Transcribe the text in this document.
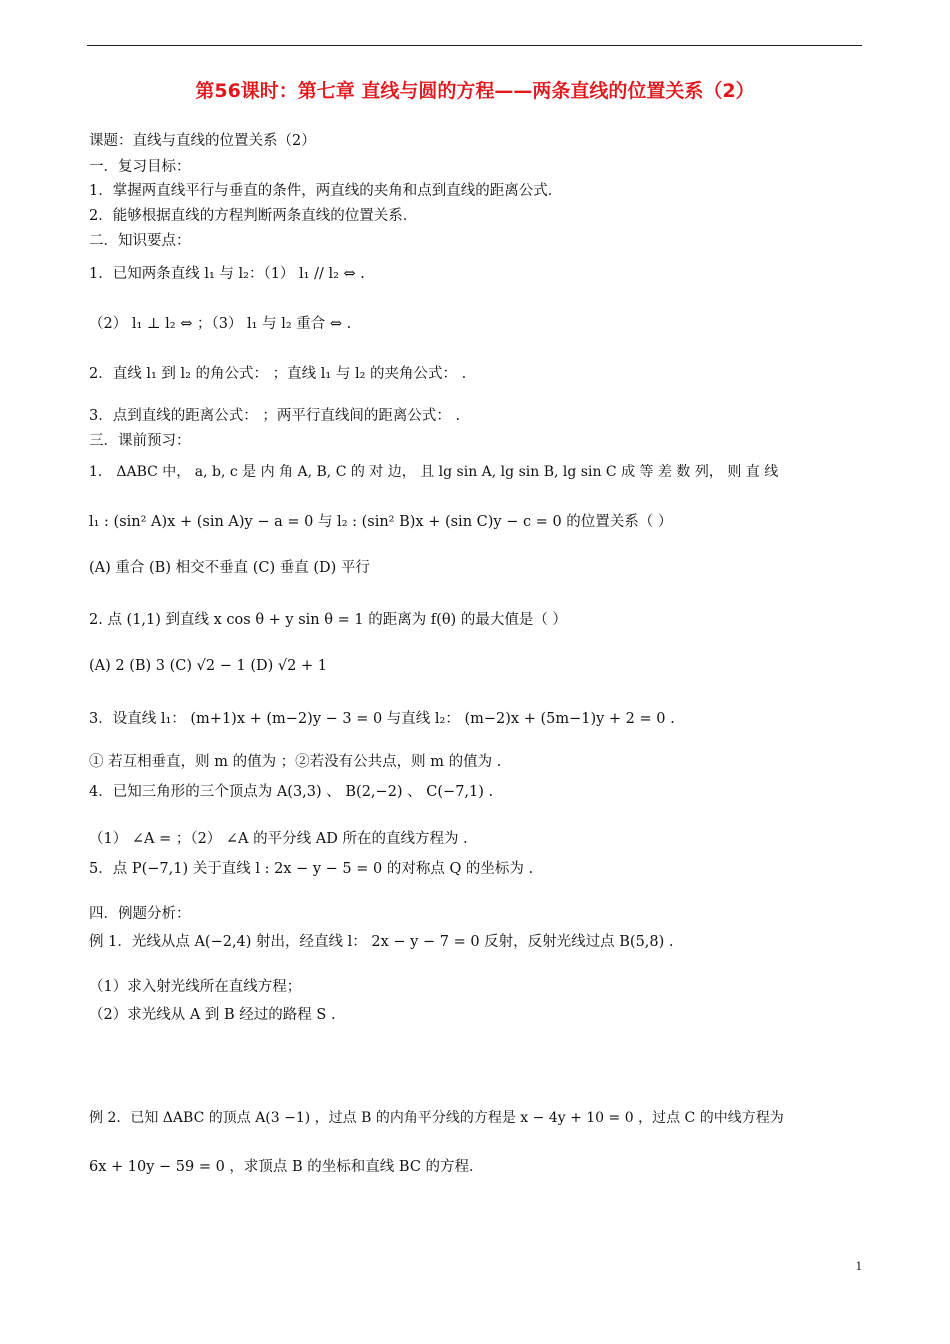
第56课时：第七章 直线与圆的方程——两条直线的位置关系（2）
课题：直线与直线的位置关系（2）
一．复习目标：
1．掌握两直线平行与垂直的条件，两直线的夹角和点到直线的距离公式．
2．能够根据直线的方程判断两条直线的位置关系．
二．知识要点：
1．已知两条直线 l₁ 与 l₂：（1） l₁ // l₂ ⇔ .
（2） l₁ ⊥ l₂ ⇔ ；（3） l₁ 与 l₂ 重合 ⇔ .
2．直线 l₁ 到 l₂ 的角公式： ；直线 l₁ 与 l₂ 的夹角公式： .
3．点到直线的距离公式： ；两平行直线间的距离公式： .
三．课前预习：
1． ΔABC 中， a, b, c 是 内 角 A, B, C 的 对 边， 且 lg sin A, lg sin B, lg sin C 成 等 差 数 列， 则 直 线
l₁ : (sin² A)x + (sin A)y − a = 0 与 l₂ : (sin² B)x + (sin C)y − c = 0 的位置关系（ ）
(A) 重合 (B) 相交不垂直 (C) 垂直 (D) 平行
2. 点 (1,1) 到直线 x cos θ + y sin θ = 1 的距离为 f(θ) 的最大值是（ ）
(A) 2 (B) 3 (C) √2 − 1 (D) √2 + 1
3．设直线 l₁： (m+1)x + (m−2)y − 3 = 0 与直线 l₂： (m−2)x + (5m−1)y + 2 = 0 .
① 若互相垂直，则 m 的值为 ；②若没有公共点，则 m 的值为 .
4．已知三角形的三个顶点为 A(3,3) 、 B(2,−2) 、 C(−7,1) .
（1） ∠A = ；（2） ∠A 的平分线 AD 所在的直线方程为 .
5．点 P(−7,1) 关于直线 l : 2x − y − 5 = 0 的对称点 Q 的坐标为 .
四．例题分析：
例 1．光线从点 A(−2,4) 射出，经直线 l： 2x − y − 7 = 0 反射，反射光线过点 B(5,8) .
（1）求入射光线所在直线方程；
（2）求光线从 A 到 B 经过的路程 S .
例 2．已知 ΔABC 的顶点 A(3 −1) ，过点 B 的内角平分线的方程是 x − 4y + 10 = 0 ，过点 C 的中线方程为
6x + 10y − 59 = 0 ，求顶点 B 的坐标和直线 BC 的方程．
1
